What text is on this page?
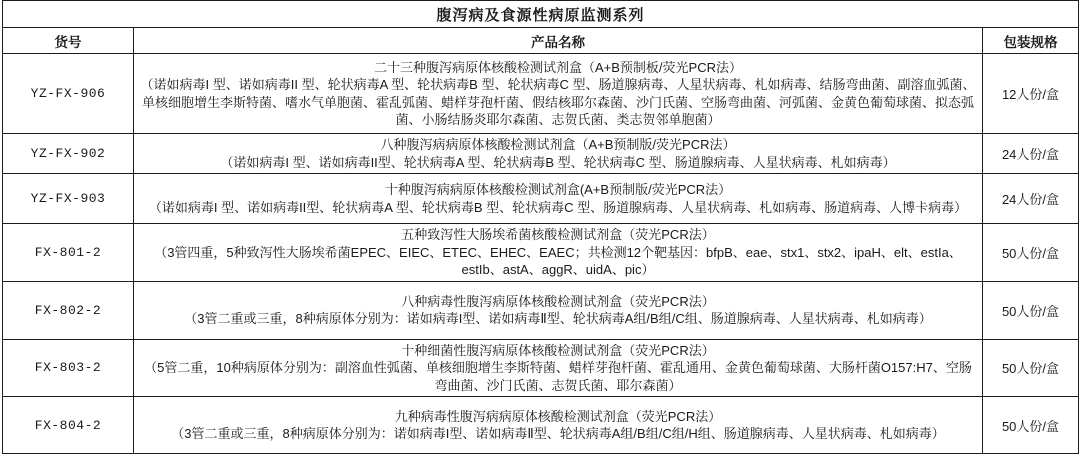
腹泻病及食源性病原监测系列		
货号	产品名称	包装规格
YZ-FX-906	二十三种腹泻病原体核酸检测试剂盒（A+B预制板/荧光PCR法）
（诺如病毒I 型、诺如病毒II 型、轮状病毒A 型、轮状病毒B 型、轮状病毒C 型、肠道腺病毒、人星状病毒、札如病毒、结肠弯曲菌、副溶血弧菌、单核细胞增生李斯特菌、嗜水气单胞菌、霍乱弧菌、蜡样芽孢杆菌、假结核耶尔森菌、沙门氏菌、空肠弯曲菌、河弧菌、金黄色葡萄球菌、拟态弧菌、小肠结肠炎耶尔森菌、志贺氏菌、类志贺邻单胞菌）	12人份/盒
YZ-FX-902	八种腹泻病病原体核酸检测试剂盒（A+B预制版/荧光PCR法）
（诺如病毒I 型、诺如病毒II型、轮状病毒A 型、轮状病毒B 型、轮状病毒C 型、肠道腺病毒、人星状病毒、札如病毒）	24人份/盒
YZ-FX-903	十种腹泻病病原体核酸检测试剂盒(A+B预制版/荧光PCR法）
（诺如病毒I 型、诺如病毒II型、轮状病毒A 型、轮状病毒B 型、轮状病毒C 型、肠道腺病毒、人星状病毒、札如病毒、肠道病毒、人博卡病毒）	24人份/盒
FX-801-2	五种致泻性大肠埃希菌核酸检测试剂盒（荧光PCR法）
（3管四重，5种致泻性大肠埃希菌EPEC、EIEC、ETEC、EHEC、EAEC；共检测12个靶基因：bfpB、eae、stx1、stx2、ipaH、elt、estIa、estIb、astA、aggR、uidA、pic）	50人份/盒
FX-802-2	八种病毒性腹泻病原体核酸检测试剂盒（荧光PCR法）
（3管二重或三重，8种病原体分别为：诺如病毒I型、诺如病毒Ⅱ型、轮状病毒A组/B组/C组、肠道腺病毒、人星状病毒、札如病毒）	50人份/盒
FX-803-2	十种细菌性腹泻病原体核酸检测试剂盒（荧光PCR法）
（5管二重，10种病原体分别为：副溶血性弧菌、单核细胞增生李斯特菌、蜡样芽孢杆菌、霍乱通用、金黄色葡萄球菌、大肠杆菌O157:H7、空肠弯曲菌、沙门氏菌、志贺氏菌、耶尔森菌）	50人份/盒
FX-804-2	九种病毒性腹泻病病原体核酸检测试剂盒（荧光PCR法）
（3管二重或三重，8种病原体分别为：诺如病毒I型、诺如病毒Ⅱ型、轮状病毒A组/B组/C组/H组、肠道腺病毒、人星状病毒、札如病毒）	50人份/盒
